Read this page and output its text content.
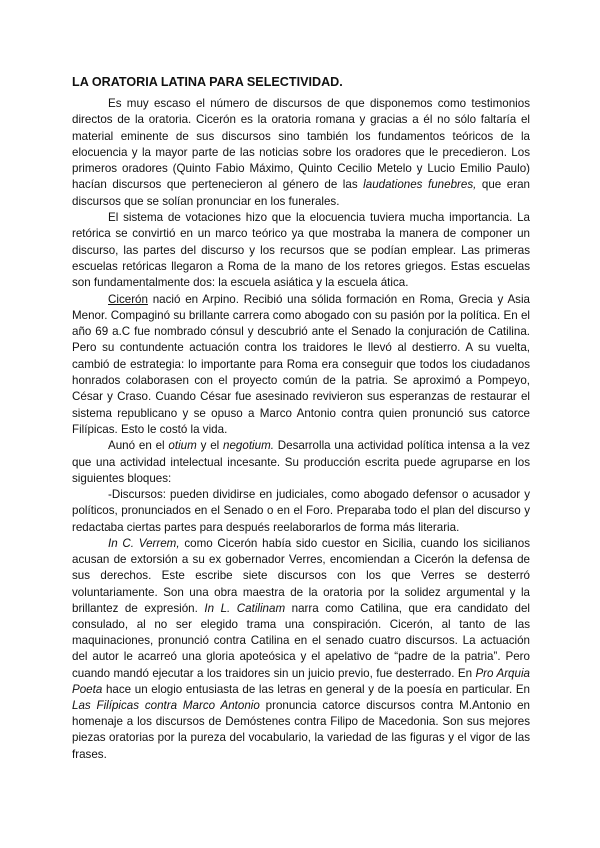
LA ORATORIA LATINA PARA SELECTIVIDAD.

Es muy escaso el número de discursos de que disponemos como testimonios directos de la oratoria. Cicerón es la oratoria romana y gracias a él no sólo faltaría el material eminente de sus discursos sino también los fundamentos teóricos de la elocuencia y la mayor parte de las noticias sobre los oradores que le precedieron. Los primeros oradores (Quinto Fabio Máximo, Quinto Cecilio Metelo y Lucio Emilio Paulo) hacían discursos que pertenecieron al género de las laudationes funebres, que eran discursos que se solían pronunciar en los funerales.

El sistema de votaciones hizo que la elocuencia tuviera mucha importancia. La retórica se convirtió en un marco teórico ya que mostraba la manera de componer un discurso, las partes del discurso y los recursos que se podían emplear. Las primeras escuelas retóricas llegaron a Roma de la mano de los retores griegos. Estas escuelas son fundamentalmente dos: la escuela asiática y la escuela ática.

Cicerón nació en Arpino. Recibió una sólida formación en Roma, Grecia y Asia Menor. Compaginó su brillante carrera como abogado con su pasión por la política. En el año 69 a.C fue nombrado cónsul y descubrió ante el Senado la conjuración de Catilina. Pero su contundente actuación contra los traidores le llevó al destierro. A su vuelta, cambió de estrategia: lo importante para Roma era conseguir que todos los ciudadanos honrados colaborasen con el proyecto común de la patria. Se aproximó a Pompeyo, César y Craso. Cuando César fue asesinado revivieron sus esperanzas de restaurar el sistema republicano y se opuso a Marco Antonio contra quien pronunció sus catorce Filípicas. Esto le costó la vida.

Aunó en el otium y el negotium. Desarrolla una actividad política intensa a la vez que una actividad intelectual incesante. Su producción escrita puede agruparse en los siguientes bloques:

-Discursos: pueden dividirse en judiciales, como abogado defensor o acusador y políticos, pronunciados en el Senado o en el Foro. Preparaba todo el plan del discurso y redactaba ciertas partes para después reelaborarlos de forma más literaria.

In C. Verrem, como Cicerón había sido cuestor en Sicilia, cuando los sicilianos acusan de extorsión a su ex gobernador Verres, encomiendan a Cicerón la defensa de sus derechos. Este escribe siete discursos con los que Verres se desterró voluntariamente. Son una obra maestra de la oratoria por la solidez argumental y la brillantez de expresión. In L. Catilinam narra como Catilina, que era candidato del consulado, al no ser elegido trama una conspiración. Cicerón, al tanto de las maquinaciones, pronunció contra Catilina en el senado cuatro discursos. La actuación del autor le acarreó una gloria apoteósica y el apelativo de “padre de la patria”. Pero cuando mandó ejecutar a los traidores sin un juicio previo, fue desterrado. En Pro Arquia Poeta hace un elogio entusiasta de las letras en general y de la poesía en particular. En Las Filípicas contra Marco Antonio pronuncia catorce discursos contra M.Antonio en homenaje a los discursos de Demóstenes contra Filipo de Macedonia. Son sus mejores piezas oratorias por la pureza del vocabulario, la variedad de las figuras y el vigor de las frases.
